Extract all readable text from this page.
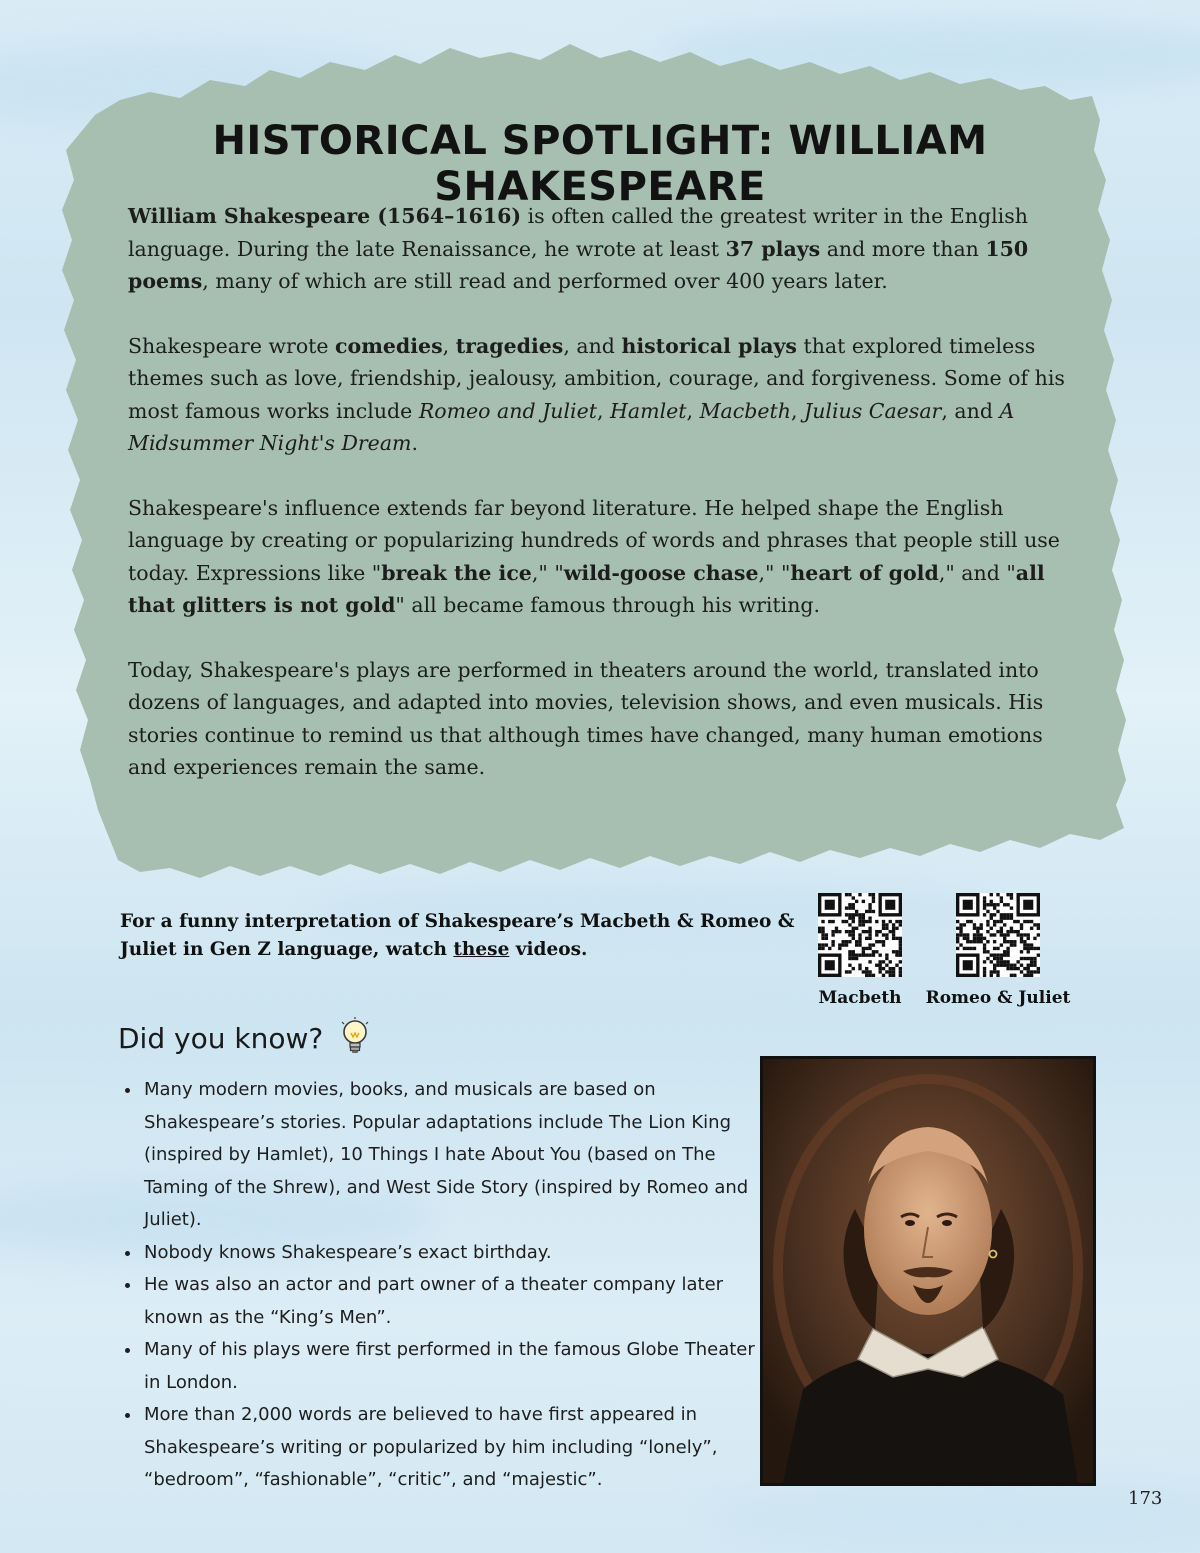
HISTORICAL SPOTLIGHT: WILLIAM SHAKESPEARE

William Shakespeare (1564–1616) is often called the greatest writer in the English language. During the late Renaissance, he wrote at least 37 plays and more than 150 poems, many of which are still read and performed over 400 years later.

Shakespeare wrote comedies, tragedies, and historical plays that explored timeless themes such as love, friendship, jealousy, ambition, courage, and forgiveness. Some of his most famous works include Romeo and Juliet, Hamlet, Macbeth, Julius Caesar, and A Midsummer Night's Dream.

Shakespeare's influence extends far beyond literature. He helped shape the English language by creating or popularizing hundreds of words and phrases that people still use today. Expressions like "break the ice," "wild-goose chase," "heart of gold," and "all that glitters is not gold" all became famous through his writing.

Today, Shakespeare's plays are performed in theaters around the world, translated into dozens of languages, and adapted into movies, television shows, and even musicals. His stories continue to remind us that although times have changed, many human emotions and experiences remain the same.

For a funny interpretation of Shakespeare’s Macbeth & Romeo & Juliet in Gen Z language, watch these videos.
Macbeth	Romeo & Juliet
Did you know?
• Many modern movies, books, and musicals are based on Shakespeare’s stories. Popular adaptations include The Lion King (inspired by Hamlet), 10 Things I hate About You (based on The Taming of the Shrew), and West Side Story (inspired by Romeo and Juliet).
• Nobody knows Shakespeare’s exact birthday.
• He was also an actor and part owner of a theater company later known as the “King’s Men”.
• Many of his plays were first performed in the famous Globe Theater in London.
• More than 2,000 words are believed to have first appeared in Shakespeare’s writing or popularized by him including “lonely”, “bedroom”, “fashionable”, “critic”, and “majestic”.
173
